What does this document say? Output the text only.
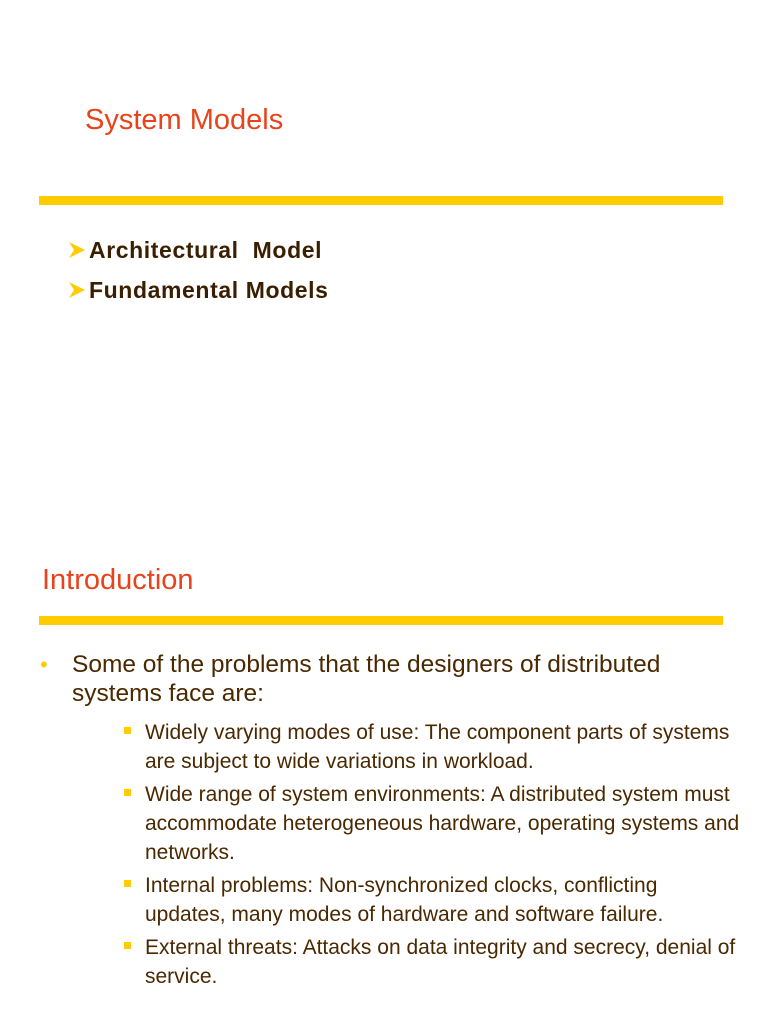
System Models
Architectural  Model
Fundamental Models
Introduction
• Some of the problems that the designers of distributed systems face are:
Widely varying modes of use: The component parts of systems are subject to wide variations in workload.
Wide range of system environments: A distributed system must accommodate heterogeneous hardware, operating systems and networks.
Internal problems: Non-synchronized clocks, conflicting updates, many modes of hardware and software failure.
External threats: Attacks on data integrity and secrecy, denial of service.
